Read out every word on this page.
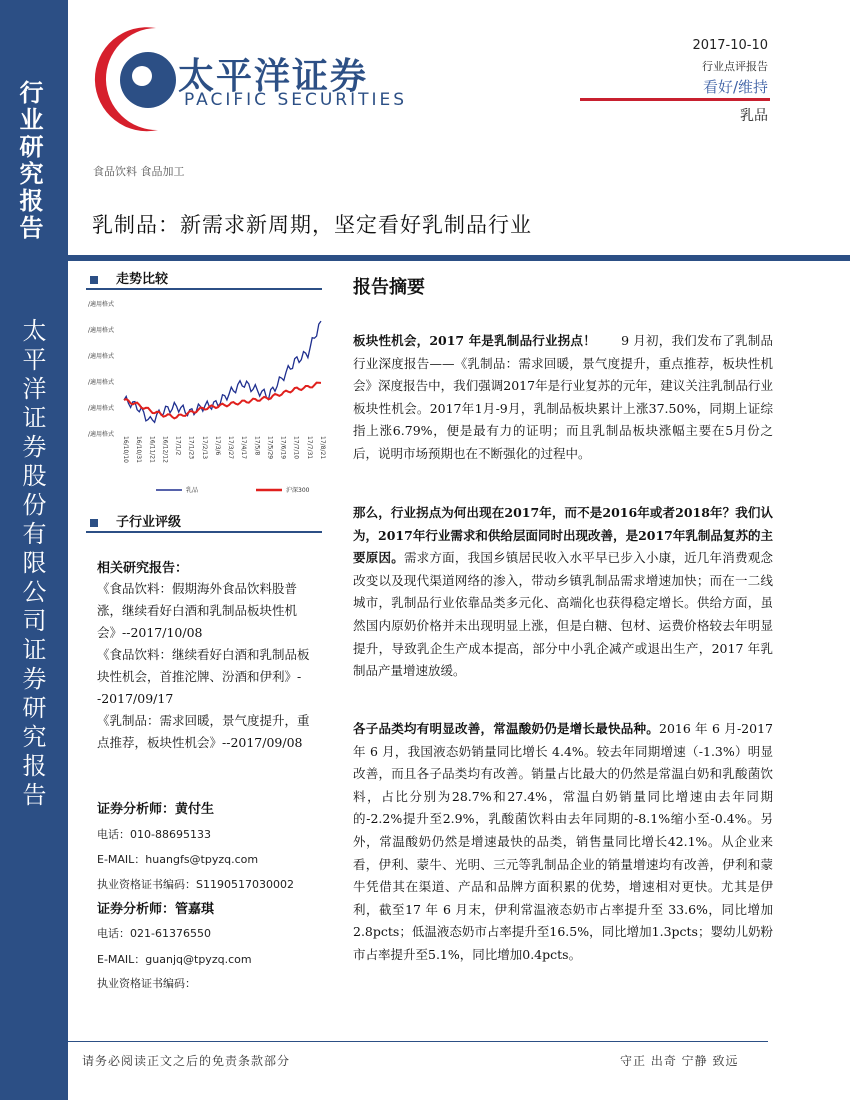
行业研究报告
太平洋证券股份有限公司证券研究报告
太平洋证券
PACIFIC SECURITIES
2017-10-10
行业点评报告
看好/维持
乳品
食品饮料 食品加工
乳制品：新需求新周期，坚定看好乳制品行业
走势比较
/適用格式
/適用格式
/適用格式
/適用格式
/適用格式
/適用格式
16/10/10 16/10/31 16/11/21 16/12/12 17/1/2 17/1/23 17/2/13 17/3/6 17/3/27 17/4/17 17/5/8 17/5/29 17/6/19 17/7/10 17/7/31 17/8/21
乳品	沪深300
子行业评级
相关研究报告：
《食品饮料：假期海外食品饮料股普涨，继续看好白酒和乳制品板块性机会》--2017/10/08
《食品饮料：继续看好白酒和乳制品板块性机会，首推沱牌、汾酒和伊利》--2017/09/17
《乳制品：需求回暖，景气度提升，重点推荐，板块性机会》--2017/09/08
证券分析师：黄付生
电话：010-88695133
E-MAIL：huangfs@tpyzq.com
执业资格证书编码：S1190517030002
证券分析师：管嘉琪
电话：021-61376550
E-MAIL：guanjq@tpyzq.com
执业资格证书编码：
报告摘要
板块性机会，2017 年是乳制品行业拐点！ 9 月初，我们发布了乳制品行业深度报告——《乳制品：需求回暖，景气度提升，重点推荐，板块性机会》深度报告中，我们强调2017年是行业复苏的元年，建议关注乳制品行业板块性机会。2017年1月-9月，乳制品板块累计上涨37.50%，同期上证综指上涨6.79%，便是最有力的证明；而且乳制品板块涨幅主要在5月份之后，说明市场预期也在不断强化的过程中。
那么，行业拐点为何出现在2017年，而不是2016年或者2018年？我们认为，2017年行业需求和供给层面同时出现改善，是2017年乳制品复苏的主要原因。需求方面，我国乡镇居民收入水平早已步入小康，近几年消费观念改变以及现代渠道网络的渗入，带动乡镇乳制品需求增速加快；而在一二线城市，乳制品行业依靠品类多元化、高端化也获得稳定增长。供给方面，虽然国内原奶价格并未出现明显上涨，但是白糖、包材、运费价格较去年明显提升，导致乳企生产成本提高，部分中小乳企减产或退出生产，2017 年乳制品产量增速放缓。
各子品类均有明显改善，常温酸奶仍是增长最快品种。2016 年 6 月-2017 年 6 月，我国液态奶销量同比增长 4.4%。较去年同期增速（-1.3%）明显改善，而且各子品类均有改善。销量占比最大的仍然是常温白奶和乳酸菌饮料，占比分别为28.7%和27.4%，常温白奶销量同比增速由去年同期的-2.2%提升至2.9%，乳酸菌饮料由去年同期的-8.1%缩小至-0.4%。另外，常温酸奶仍然是增速最快的品类，销售量同比增长42.1%。从企业来看，伊利、蒙牛、光明、三元等乳制品企业的销量增速均有改善，伊利和蒙牛凭借其在渠道、产品和品牌方面积累的优势，增速相对更快。尤其是伊利，截至17 年 6 月末，伊利常温液态奶市占率提升至 33.6%，同比增加 2.8pcts；低温液态奶市占率提升至16.5%，同比增加1.3pcts；婴幼儿奶粉市占率提升至5.1%，同比增加0.4pcts。
请务必阅读正文之后的免责条款部分	守正 出奇 宁静 致远
